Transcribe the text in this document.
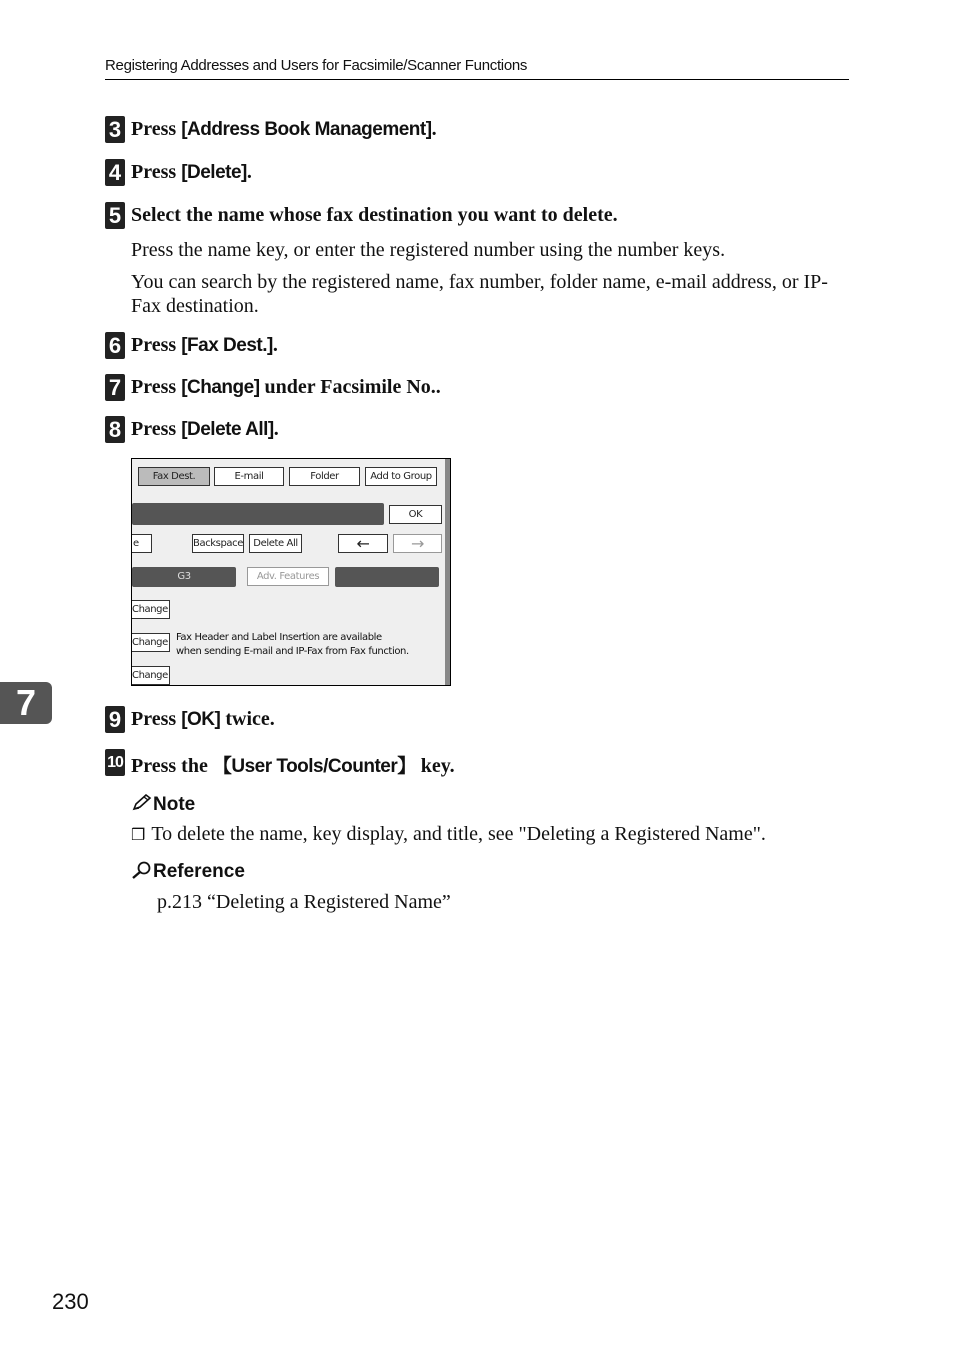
Registering Addresses and Users for Facsimile/Scanner Functions
3 Press [Address Book Management].
4 Press [Delete].
5 Select the name whose fax destination you want to delete.
Press the name key, or enter the registered number using the number keys.
You can search by the registered name, fax number, folder name, e-mail address, or IP-Fax destination.
6 Press [Fax Dest.].
7 Press [Change] under Facsimile No..
8 Press [Delete All].
Fax Dest.	E-mail	Folder	Add to Group
OK
e	Backspace	Delete All	←	→
G3	Adv. Features
Change
Change Fax Header and Label Insertion are available
when sending E-mail and IP-Fax from Fax function.
Change
7	9 Press [OK] twice.
10 Press the 【User Tools/Counter】 key.
Note
❒ To delete the name, key display, and title, see "Deleting a Registered Name".
Reference
p.213 “Deleting a Registered Name”
230
